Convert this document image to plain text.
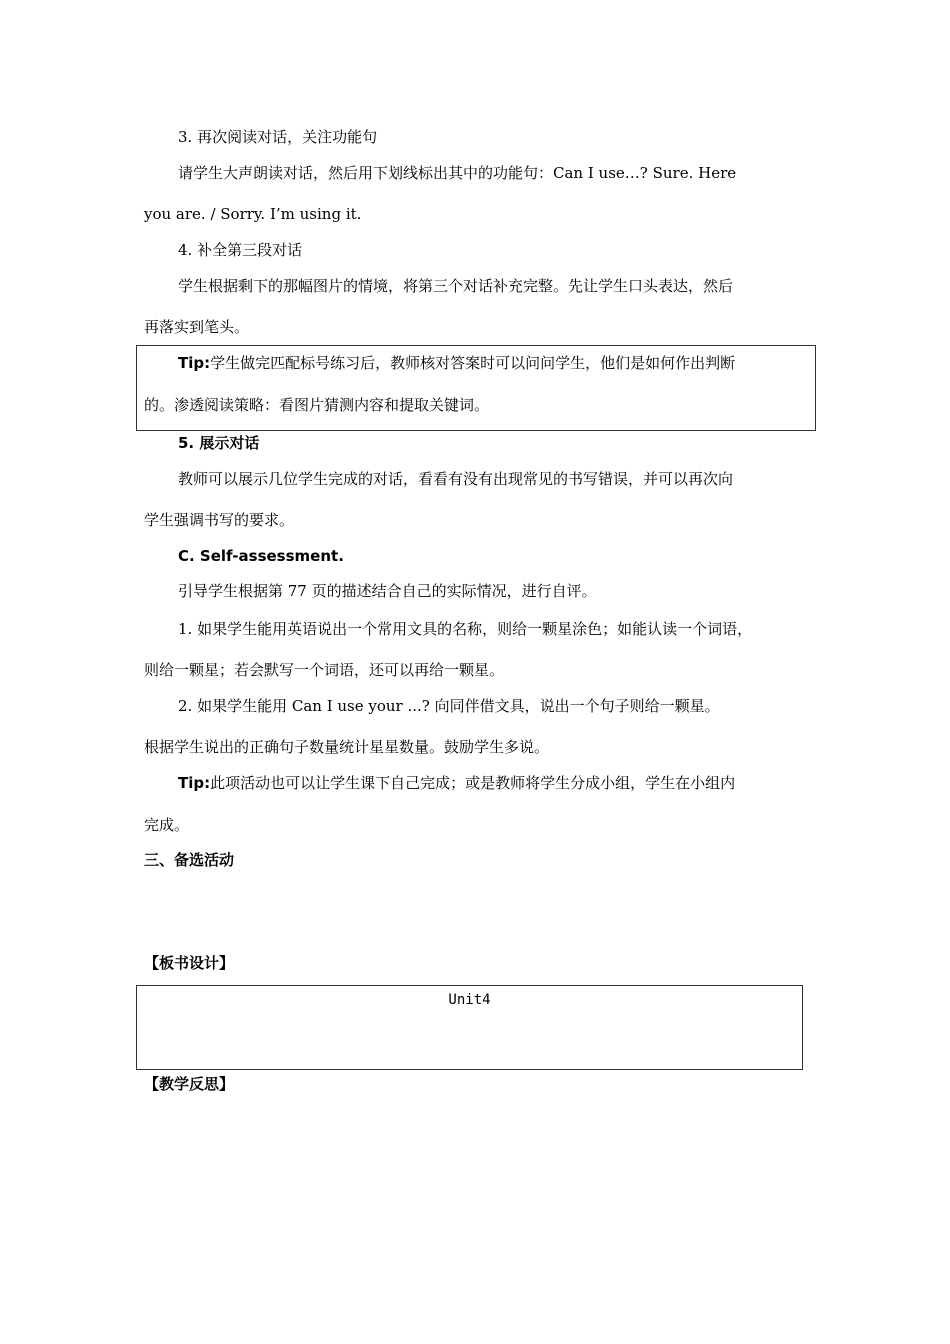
3. 再次阅读对话，关注功能句
请学生大声朗读对话，然后用下划线标出其中的功能句：Can I use…? Sure. Here
you are. / Sorry. I’m using it.
4. 补全第三段对话
学生根据剩下的那幅图片的情境，将第三个对话补充完整。先让学生口头表达，然后
再落实到笔头。
Tip:学生做完匹配标号练习后，教师核对答案时可以问问学生，他们是如何作出判断
的。渗透阅读策略：看图片猜测内容和提取关键词。
5. 展示对话
教师可以展示几位学生完成的对话，看看有没有出现常见的书写错误，并可以再次向
学生强调书写的要求。
C. Self-assessment.
引导学生根据第 77 页的描述结合自己的实际情况，进行自评。
1. 如果学生能用英语说出一个常用文具的名称，则给一颗星涂色；如能认读一个词语，
则给一颗星；若会默写一个词语，还可以再给一颗星。
2. 如果学生能用 Can I use your ...? 向同伴借文具，说出一个句子则给一颗星。
根据学生说出的正确句子数量统计星星数量。鼓励学生多说。
Tip:此项活动也可以让学生课下自己完成；或是教师将学生分成小组，学生在小组内
完成。
三、备选活动
【板书设计】
Unit4
【教学反思】
